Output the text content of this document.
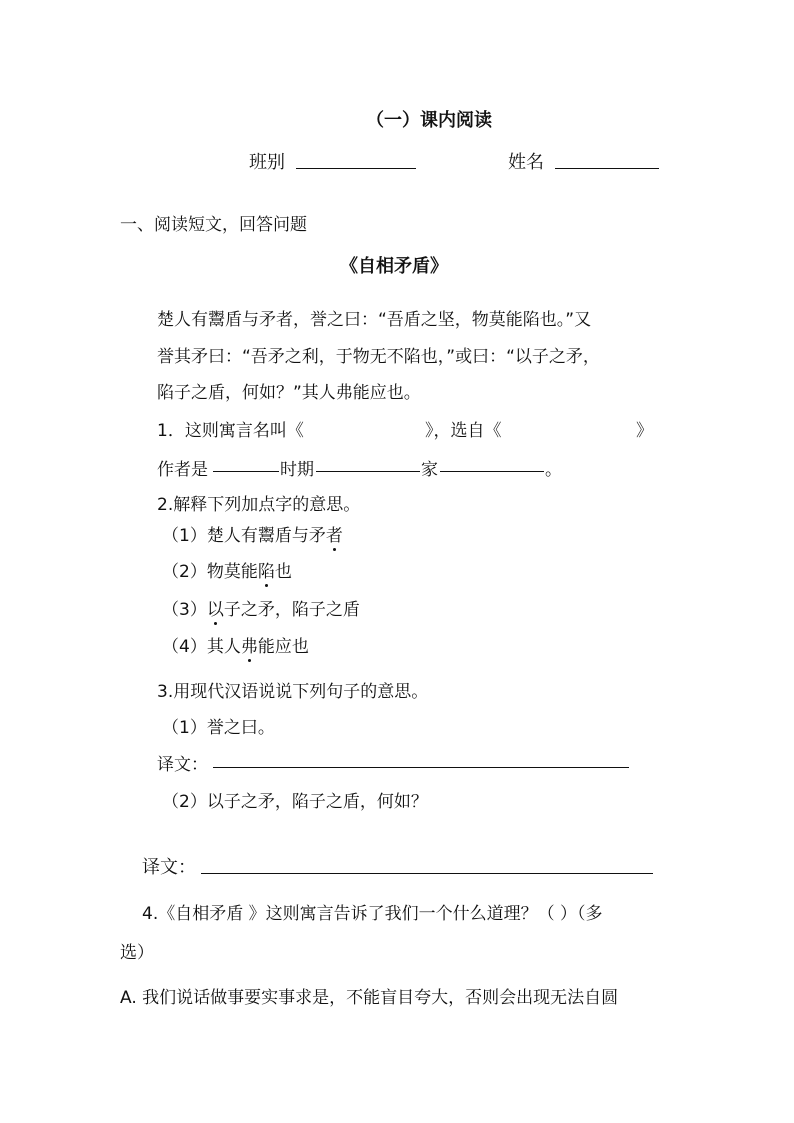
（一）课内阅读
班别	姓名
一、阅读短文，回答问题
《自相矛盾》
楚人有鬻盾与矛者，誉之曰：“吾盾之坚，物莫能陷也。”又
誉其矛曰：“吾矛之利，于物无不陷也，”或曰：“以子之矛，
陷子之盾，何如？”其人弗能应也。
1．这则寓言名叫《	》，选自《	》
作者是	时期	家	。
2.解释下列加点字的意思。
（1）楚人有鬻盾与矛者
（2）物莫能陷也
（3）以子之矛，陷子之盾
（4）其人弗能应也
3.用现代汉语说说下列句子的意思。
（1）誉之曰。
译文：
（2）以子之矛，陷子之盾，何如？
译文：
4.《自相矛盾 》这则寓言告诉了我们一个什么道理？（ ）（多
选）
A. 我们说话做事要实事求是，不能盲目夸大，否则会出现无法自圆
